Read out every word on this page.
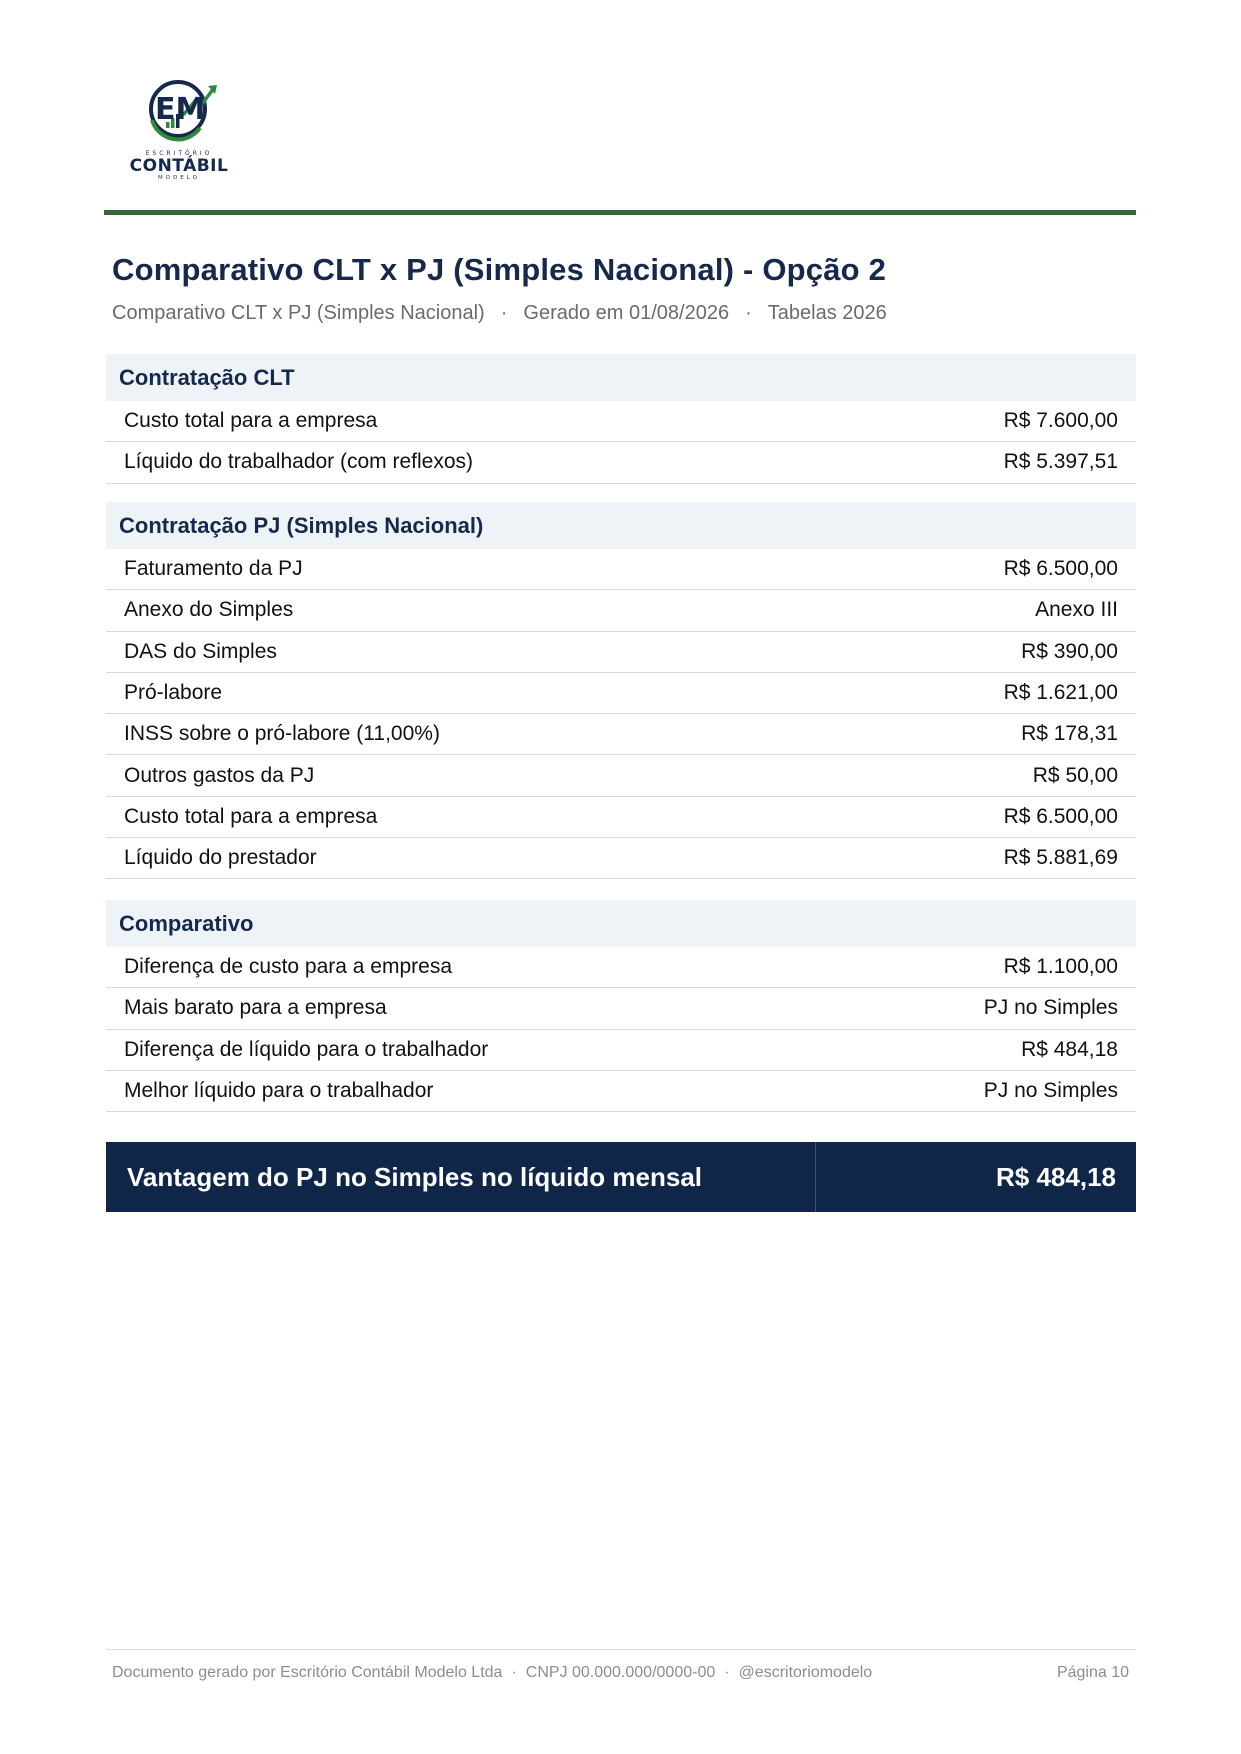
EM
ESCRITÓRIO
CONTÁBIL
MODELO
Comparativo CLT x PJ (Simples Nacional) - Opção 2
Comparativo CLT x PJ (Simples Nacional) · Gerado em 01/08/2026 · Tabelas 2026
Contratação CLT
Custo total para a empresa	R$ 7.600,00
Líquido do trabalhador (com reflexos)	R$ 5.397,51
Contratação PJ (Simples Nacional)
Faturamento da PJ	R$ 6.500,00
Anexo do Simples	Anexo III
DAS do Simples	R$ 390,00
Pró-labore	R$ 1.621,00
INSS sobre o pró-labore (11,00%)	R$ 178,31
Outros gastos da PJ	R$ 50,00
Custo total para a empresa	R$ 6.500,00
Líquido do prestador	R$ 5.881,69
Comparativo
Diferença de custo para a empresa	R$ 1.100,00
Mais barato para a empresa	PJ no Simples
Diferença de líquido para o trabalhador	R$ 484,18
Melhor líquido para o trabalhador	PJ no Simples
Vantagem do PJ no Simples no líquido mensal	R$ 484,18
Documento gerado por Escritório Contábil Modelo Ltda · CNPJ 00.000.000/0000-00 · @escritoriomodelo	Página 10
